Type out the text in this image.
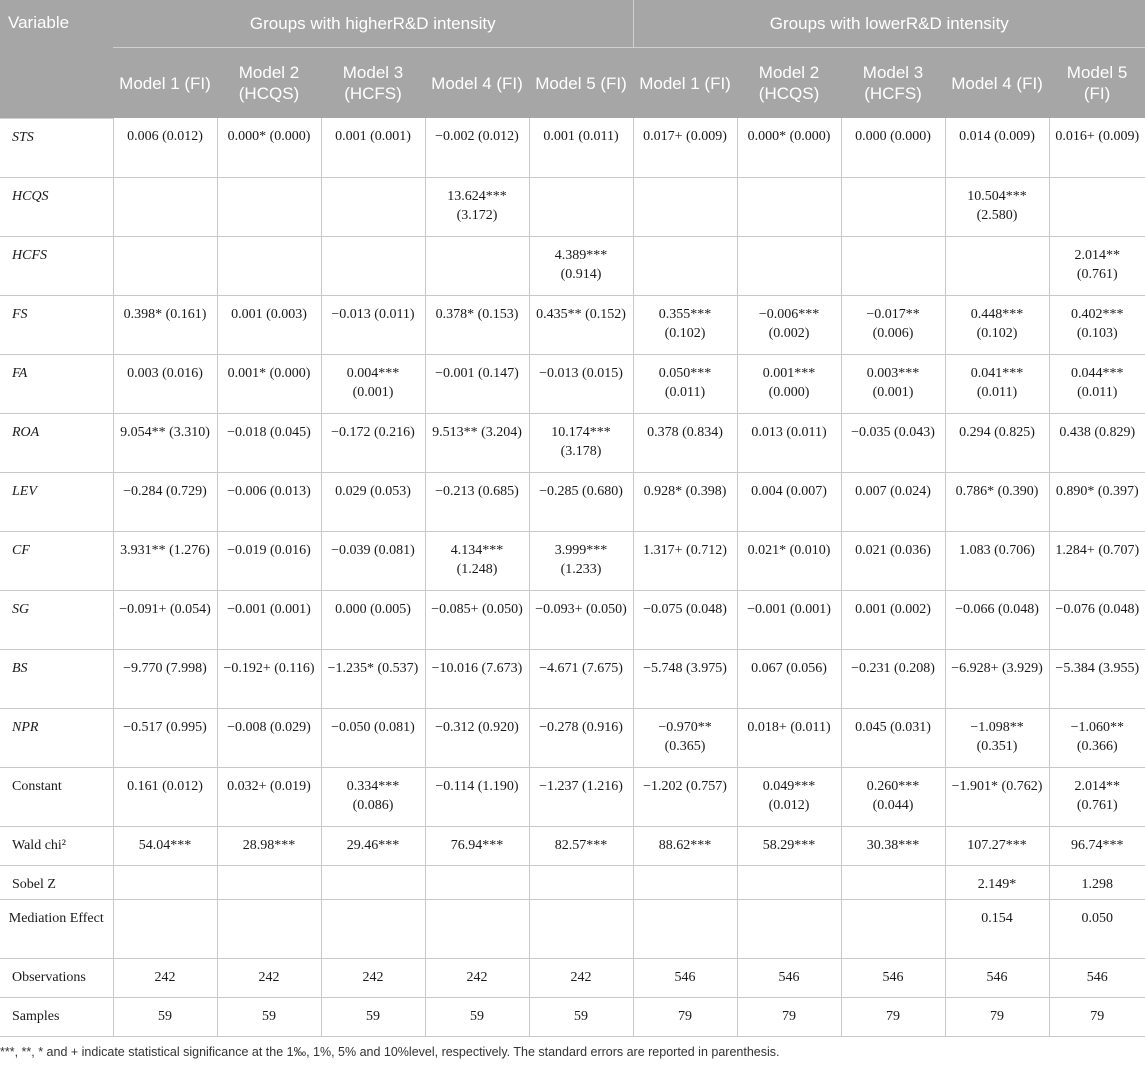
Variable	Groups with higherR&D intensity					Groups with lowerR&D intensity				
	Model 1 (FI)	Model 2 (HCQS)	Model 3 (HCFS)	Model 4 (FI)	Model 5 (FI)	Model 1 (FI)	Model 2 (HCQS)	Model 3 (HCFS)	Model 4 (FI)	Model 5 (FI)
STS	0.006 (0.012)	0.000* (0.000)	0.001 (0.001)	−0.002 (0.012)	0.001 (0.011)	0.017+ (0.009)	0.000* (0.000)	0.000 (0.000)	0.014 (0.009)	0.016+ (0.009)
HCQS				13.624*** (3.172)					10.504*** (2.580)	
HCFS					4.389*** (0.914)					2.014** (0.761)
FS	0.398* (0.161)	0.001 (0.003)	−0.013 (0.011)	0.378* (0.153)	0.435** (0.152)	0.355*** (0.102)	−0.006*** (0.002)	−0.017** (0.006)	0.448*** (0.102)	0.402*** (0.103)
FA	0.003 (0.016)	0.001* (0.000)	0.004*** (0.001)	−0.001 (0.147)	−0.013 (0.015)	0.050*** (0.011)	0.001*** (0.000)	0.003*** (0.001)	0.041*** (0.011)	0.044*** (0.011)
ROA	9.054** (3.310)	−0.018 (0.045)	−0.172 (0.216)	9.513** (3.204)	10.174*** (3.178)	0.378 (0.834)	0.013 (0.011)	−0.035 (0.043)	0.294 (0.825)	0.438 (0.829)
LEV	−0.284 (0.729)	−0.006 (0.013)	0.029 (0.053)	−0.213 (0.685)	−0.285 (0.680)	0.928* (0.398)	0.004 (0.007)	0.007 (0.024)	0.786* (0.390)	0.890* (0.397)
CF	3.931** (1.276)	−0.019 (0.016)	−0.039 (0.081)	4.134*** (1.248)	3.999*** (1.233)	1.317+ (0.712)	0.021* (0.010)	0.021 (0.036)	1.083 (0.706)	1.284+ (0.707)
SG	−0.091+ (0.054)	−0.001 (0.001)	0.000 (0.005)	−0.085+ (0.050)	−0.093+ (0.050)	−0.075 (0.048)	−0.001 (0.001)	0.001 (0.002)	−0.066 (0.048)	−0.076 (0.048)
BS	−9.770 (7.998)	−0.192+ (0.116)	−1.235* (0.537)	−10.016 (7.673)	−4.671 (7.675)	−5.748 (3.975)	0.067 (0.056)	−0.231 (0.208)	−6.928+ (3.929)	−5.384 (3.955)
NPR	−0.517 (0.995)	−0.008 (0.029)	−0.050 (0.081)	−0.312 (0.920)	−0.278 (0.916)	−0.970** (0.365)	0.018+ (0.011)	0.045 (0.031)	−1.098** (0.351)	−1.060** (0.366)
Constant	0.161 (0.012)	0.032+ (0.019)	0.334*** (0.086)	−0.114 (1.190)	−1.237 (1.216)	−1.202 (0.757)	0.049*** (0.012)	0.260*** (0.044)	−1.901* (0.762)	2.014** (0.761)
Wald chi²	54.04***	28.98***	29.46***	76.94***	82.57***	88.62***	58.29***	30.38***	107.27***	96.74***
Sobel Z									2.149*	1.298
Mediation Effect									0.154	0.050
Observations	242	242	242	242	242	546	546	546	546	546
Samples	59	59	59	59	59	79	79	79	79	79
***, **, * and + indicate statistical significance at the 1‰, 1%, 5% and 10%level, respectively. The standard errors are reported in parenthesis.
